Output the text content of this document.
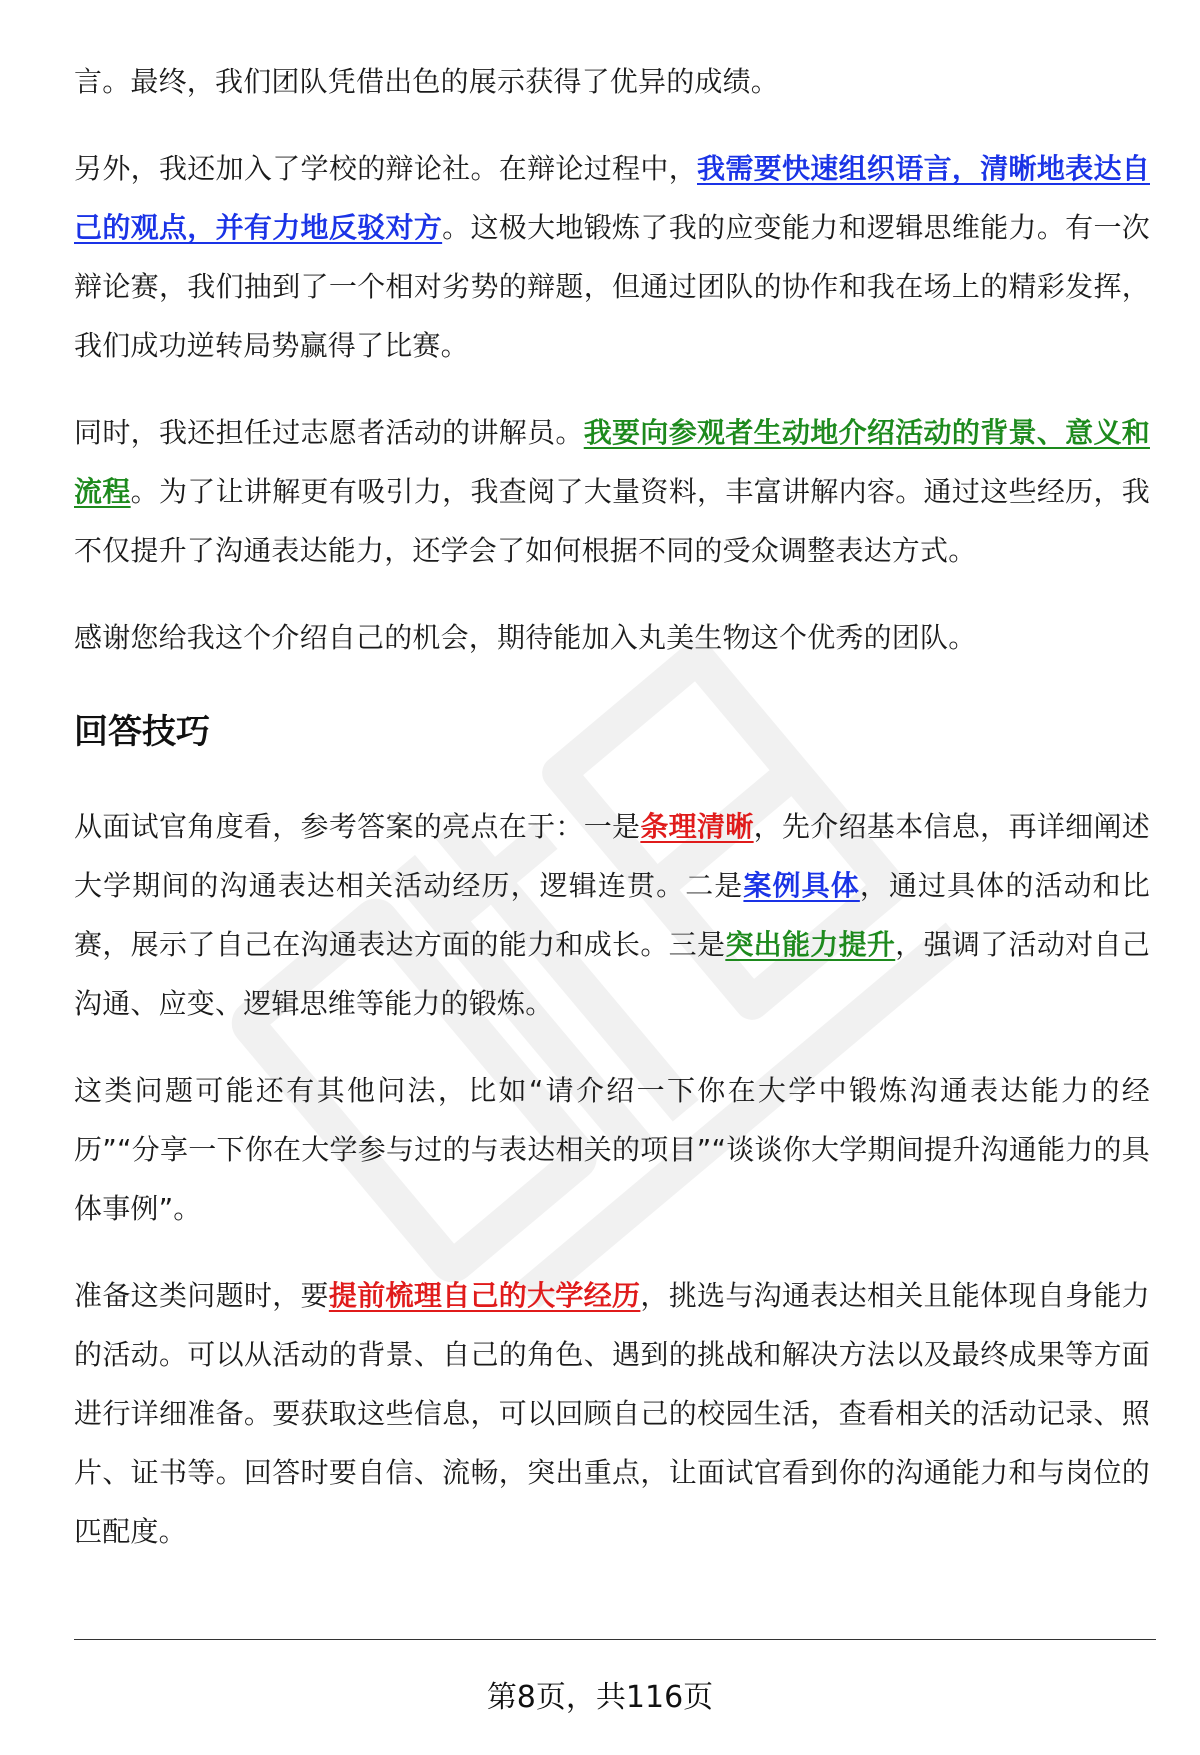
言。最终，我们团队凭借出色的展示获得了优异的成绩。

另外，我还加入了学校的辩论社。在辩论过程中，我需要快速组织语言，清晰地表达自己的观点，并有力地反驳对方。这极大地锻炼了我的应变能力和逻辑思维能力。有一次辩论赛，我们抽到了一个相对劣势的辩题，但通过团队的协作和我在场上的精彩发挥，我们成功逆转局势赢得了比赛。

同时，我还担任过志愿者活动的讲解员。我要向参观者生动地介绍活动的背景、意义和流程。为了让讲解更有吸引力，我查阅了大量资料，丰富讲解内容。通过这些经历，我不仅提升了沟通表达能力，还学会了如何根据不同的受众调整表达方式。

感谢您给我这个介绍自己的机会，期待能加入丸美生物这个优秀的团队。

回答技巧

从面试官角度看，参考答案的亮点在于：一是条理清晰，先介绍基本信息，再详细阐述大学期间的沟通表达相关活动经历，逻辑连贯。二是案例具体，通过具体的活动和比赛，展示了自己在沟通表达方面的能力和成长。三是突出能力提升，强调了活动对自己沟通、应变、逻辑思维等能力的锻炼。

这类问题可能还有其他问法，比如“请介绍一下你在大学中锻炼沟通表达能力的经历”“分享一下你在大学参与过的与表达相关的项目”“谈谈你大学期间提升沟通能力的具体事例”。

准备这类问题时，要提前梳理自己的大学经历，挑选与沟通表达相关且能体现自身能力的活动。可以从活动的背景、自己的角色、遇到的挑战和解决方法以及最终成果等方面进行详细准备。要获取这些信息，可以回顾自己的校园生活，查看相关的活动记录、照片、证书等。回答时要自信、流畅，突出重点，让面试官看到你的沟通能力和与岗位的匹配度。

第8页，共116页
